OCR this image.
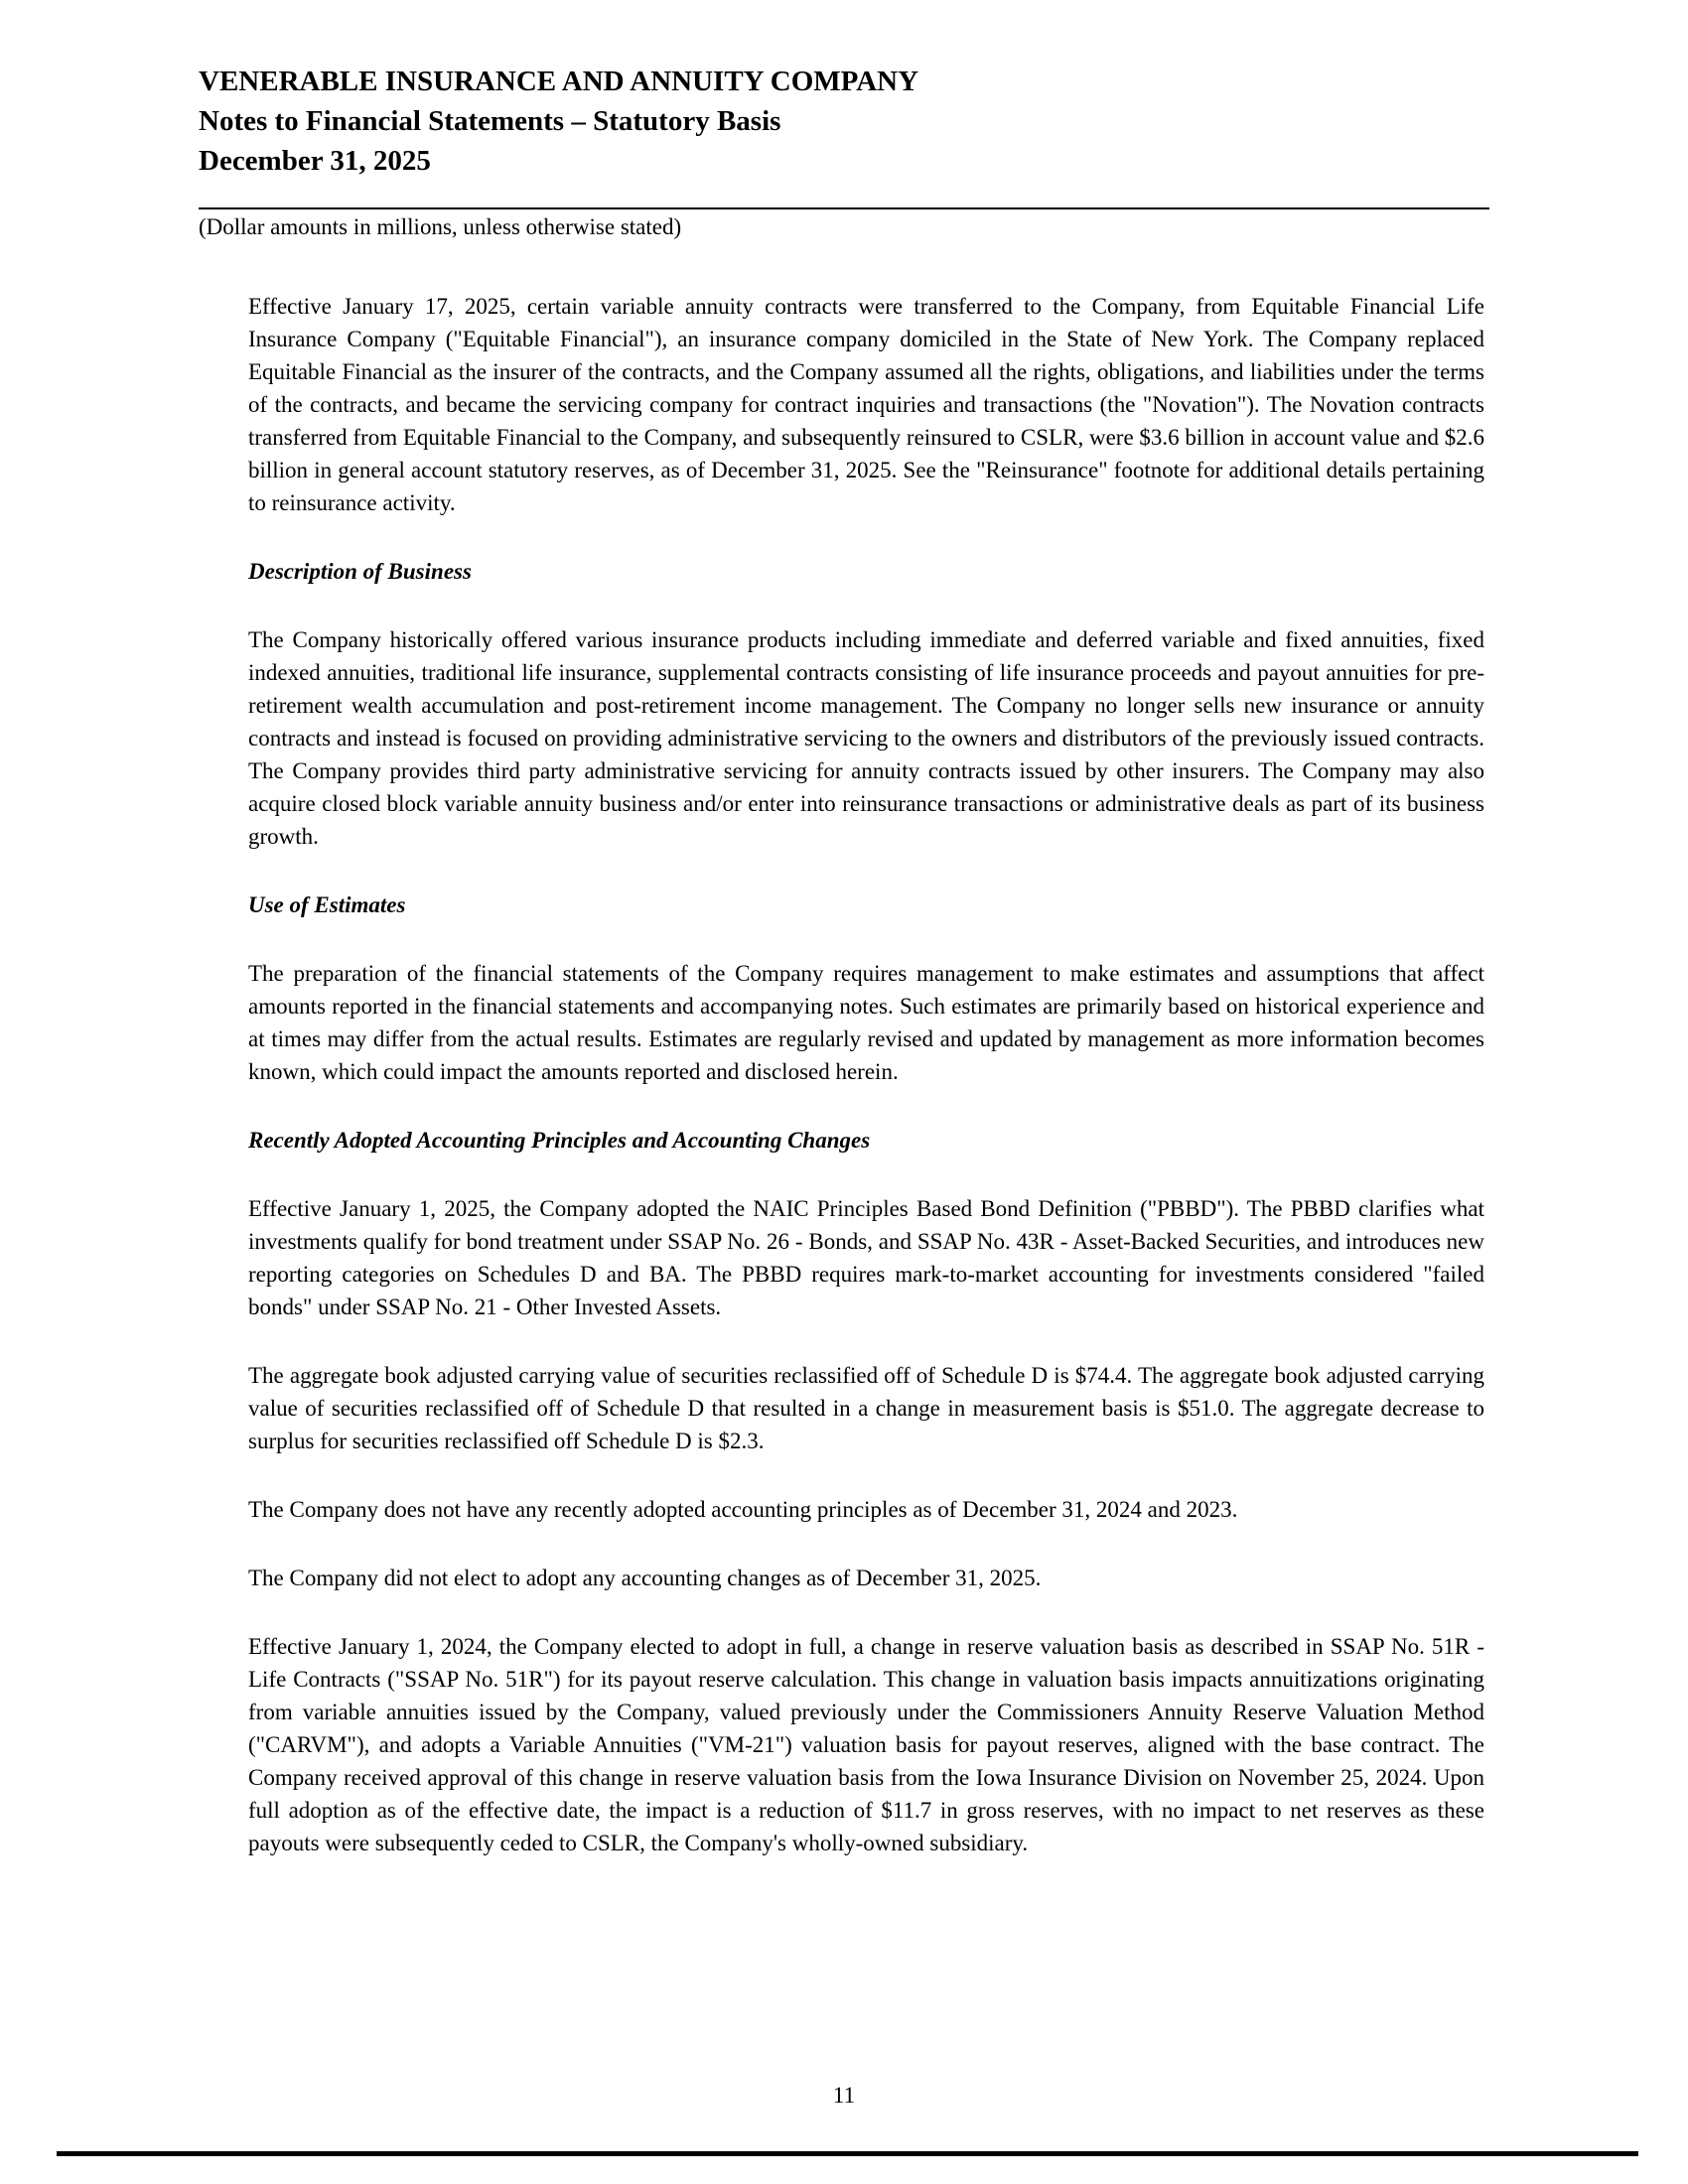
VENERABLE INSURANCE AND ANNUITY COMPANY
Notes to Financial Statements – Statutory Basis
December 31, 2025
(Dollar amounts in millions, unless otherwise stated)

Effective January 17, 2025, certain variable annuity contracts were transferred to the Company, from Equitable Financial Life Insurance Company ("Equitable Financial"), an insurance company domiciled in the State of New York. The Company replaced Equitable Financial as the insurer of the contracts, and the Company assumed all the rights, obligations, and liabilities under the terms of the contracts, and became the servicing company for contract inquiries and transactions (the "Novation"). The Novation contracts transferred from Equitable Financial to the Company, and subsequently reinsured to CSLR, were $3.6 billion in account value and $2.6 billion in general account statutory reserves, as of December 31, 2025. See the "Reinsurance" footnote for additional details pertaining to reinsurance activity.

Description of Business

The Company historically offered various insurance products including immediate and deferred variable and fixed annuities, fixed indexed annuities, traditional life insurance, supplemental contracts consisting of life insurance proceeds and payout annuities for pre-retirement wealth accumulation and post-retirement income management. The Company no longer sells new insurance or annuity contracts and instead is focused on providing administrative servicing to the owners and distributors of the previously issued contracts. The Company provides third party administrative servicing for annuity contracts issued by other insurers. The Company may also acquire closed block variable annuity business and/or enter into reinsurance transactions or administrative deals as part of its business growth.

Use of Estimates

The preparation of the financial statements of the Company requires management to make estimates and assumptions that affect amounts reported in the financial statements and accompanying notes. Such estimates are primarily based on historical experience and at times may differ from the actual results. Estimates are regularly revised and updated by management as more information becomes known, which could impact the amounts reported and disclosed herein.

Recently Adopted Accounting Principles and Accounting Changes

Effective January 1, 2025, the Company adopted the NAIC Principles Based Bond Definition ("PBBD"). The PBBD clarifies what investments qualify for bond treatment under SSAP No. 26 - Bonds, and SSAP No. 43R - Asset-Backed Securities, and introduces new reporting categories on Schedules D and BA. The PBBD requires mark-to-market accounting for investments considered "failed bonds" under SSAP No. 21 - Other Invested Assets.

The aggregate book adjusted carrying value of securities reclassified off of Schedule D is $74.4. The aggregate book adjusted carrying value of securities reclassified off of Schedule D that resulted in a change in measurement basis is $51.0. The aggregate decrease to surplus for securities reclassified off Schedule D is $2.3.

The Company does not have any recently adopted accounting principles as of December 31, 2024 and 2023.

The Company did not elect to adopt any accounting changes as of December 31, 2025.

Effective January 1, 2024, the Company elected to adopt in full, a change in reserve valuation basis as described in SSAP No. 51R - Life Contracts ("SSAP No. 51R") for its payout reserve calculation. This change in valuation basis impacts annuitizations originating from variable annuities issued by the Company, valued previously under the Commissioners Annuity Reserve Valuation Method ("CARVM"), and adopts a Variable Annuities ("VM-21") valuation basis for payout reserves, aligned with the base contract. The Company received approval of this change in reserve valuation basis from the Iowa Insurance Division on November 25, 2024. Upon full adoption as of the effective date, the impact is a reduction of $11.7 in gross reserves, with no impact to net reserves as these payouts were subsequently ceded to CSLR, the Company's wholly-owned subsidiary.

11
